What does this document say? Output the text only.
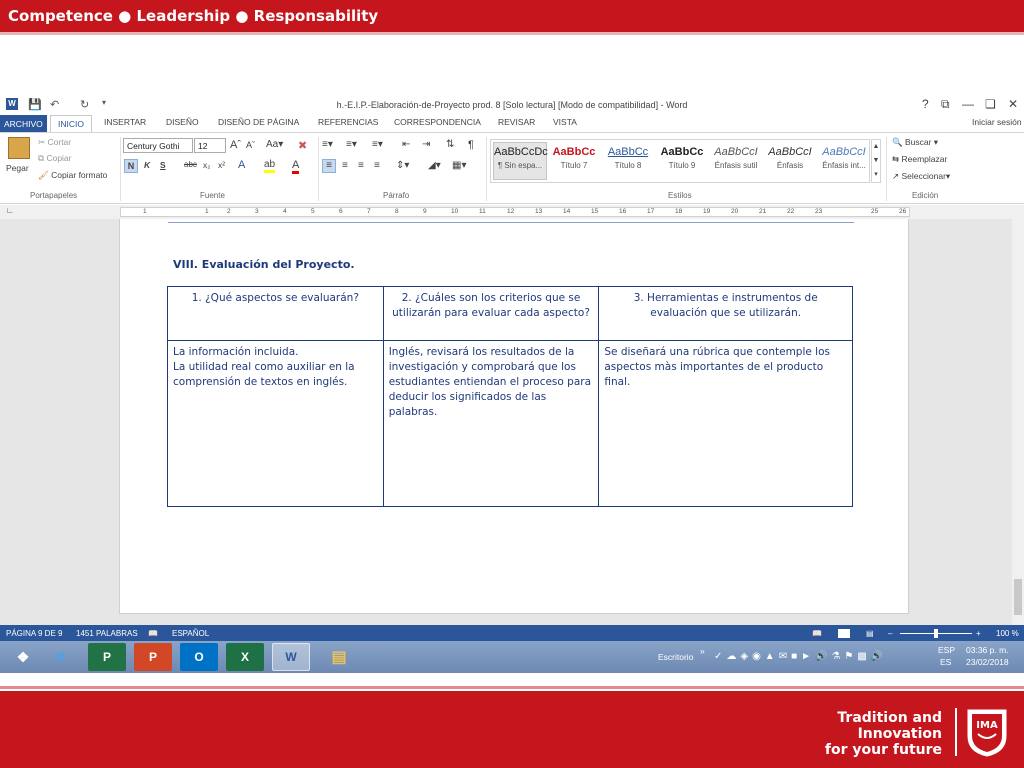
Competence ● Leadership ● Responsability
W 💾 ↶ ↻ ▾	h.-E.I.P.-Elaboración-de-Proyecto prod. 8 [Solo lectura] [Modo de compatibilidad] - Word	? ⧉ — ❏ ✕
ARCHIVO	INICIO	INSERTAR DISEÑO DISEÑO DE PÁGINA REFERENCIAS CORRESPONDENCIA REVISAR VISTA	Iniciar sesión
Pegar
✂ Cortar
⧉ Copiar
🖌 Copiar formato
Portapapeles
Century Gothi	12	Aˆ Aˇ Aa▾ ✖
N	K S abc x₂ x² A ab A
Fuente
≡▾ ≡▾ ≡▾ ⇤ ⇥ ⇅ ¶
≡	≡ ≡ ≡ ⇕▾ ◢▾ ▦▾
Párrafo
AaBbCcDc
¶ Sin espa...
AaBbCc
Título 7
AaBbCc
Título 8
AaBbCc
Título 9
AaBbCcI
Énfasis sutil
AaBbCcI
Énfasis
AaBbCcI
Énfasis int...
▲
▼
▾
Estilos
🔍 Buscar ▾
⇆ Reemplazar
↗ Seleccionar▾
Edición
∟	1	1	2	3	4	5	6	7	8	9	10	11	12	13	14	15	16	17	18	19	20	21	22	23	25	26
VIII. Evaluación del Proyecto.
1. ¿Qué aspectos se evaluarán?	2. ¿Cuáles son los criterios que se utilizarán para evaluar cada aspecto?	3. Herramientas e instrumentos de evaluación que se utilizarán.
La información incluida.
La utilidad real como auxiliar en la comprensión de textos en inglés.	Inglés, revisará los resultados de la investigación y comprobará que los estudiantes entiendan el proceso para deducir los significados de las palabras.	Se diseñará una rúbrica que contemple los aspectos màs importantes de el producto final.
PÁGINA 9 DE 9 1451 PALABRAS 📖 ESPAÑOL	📖	▤ –	+ 100 %
❖	e	P	P	O	X	W	▤	Escritorio
» ✓☁◈◉▲✉■►🔊⚗⚑▩🔊
ESP
ES
03:36 p. m.
23/02/2018
Tradition and
Innovation
for your future
IMA
